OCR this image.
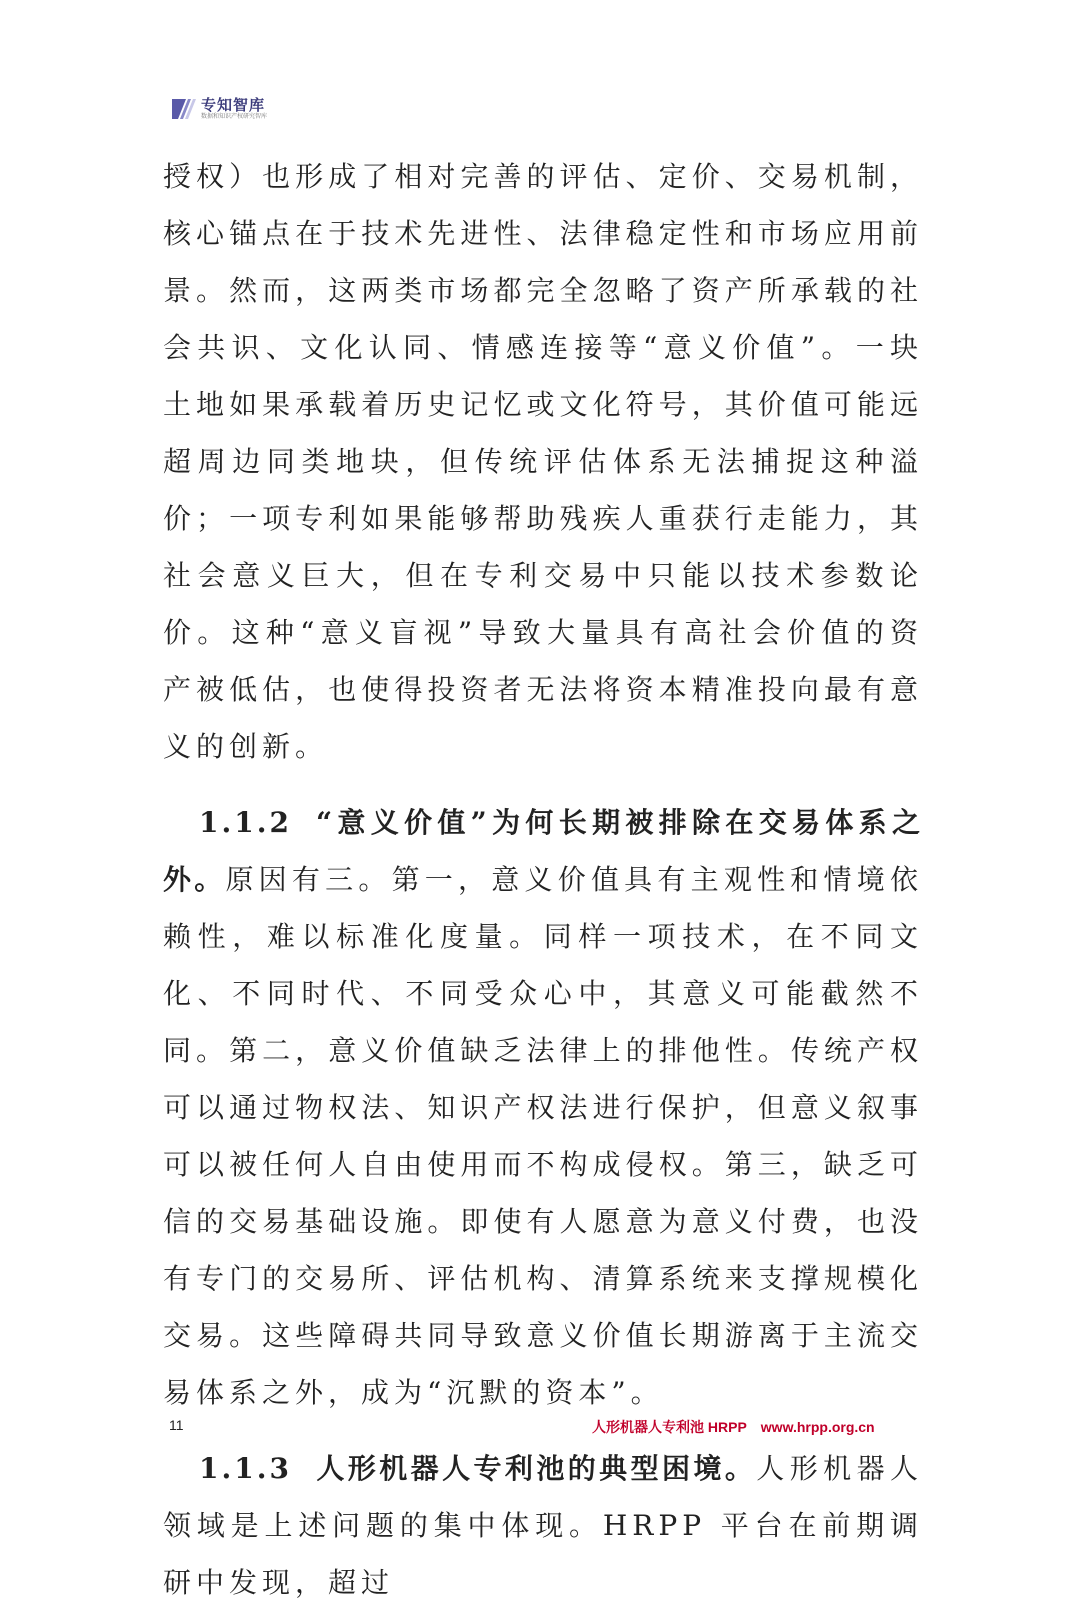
专知智库
数据和知识产权研究智库

授权）也形成了相对完善的评估、定价、交易机制，核心锚点在于技术先进性、法律稳定性和市场应用前景。然而，这两类市场都完全忽略了资产所承载的社会共识、文化认同、情感连接等“意义价值”。一块土地如果承载着历史记忆或文化符号，其价值可能远超周边同类地块，但传统评估体系无法捕捉这种溢价；一项专利如果能够帮助残疾人重获行走能力，其社会意义巨大，但在专利交易中只能以技术参数论价。这种“意义盲视”导致大量具有高社会价值的资产被低估，也使得投资者无法将资本精准投向最有意义的创新。

1.1.2 “意义价值”为何长期被排除在交易体系之外。原因有三。第一，意义价值具有主观性和情境依赖性，难以标准化度量。同样一项技术，在不同文化、不同时代、不同受众心中，其意义可能截然不同。第二，意义价值缺乏法律上的排他性。传统产权可以通过物权法、知识产权法进行保护，但意义叙事可以被任何人自由使用而不构成侵权。第三，缺乏可信的交易基础设施。即使有人愿意为意义付费，也没有专门的交易所、评估机构、清算系统来支撑规模化交易。这些障碍共同导致意义价值长期游离于主流交易体系之外，成为“沉默的资本”。

1.1.3 人形机器人专利池的典型困境。人形机器人领域是上述问题的集中体现。HRPP 平台在前期调研中发现，超过

11	人形机器人专利池 HRPP www.hrpp.org.cn
